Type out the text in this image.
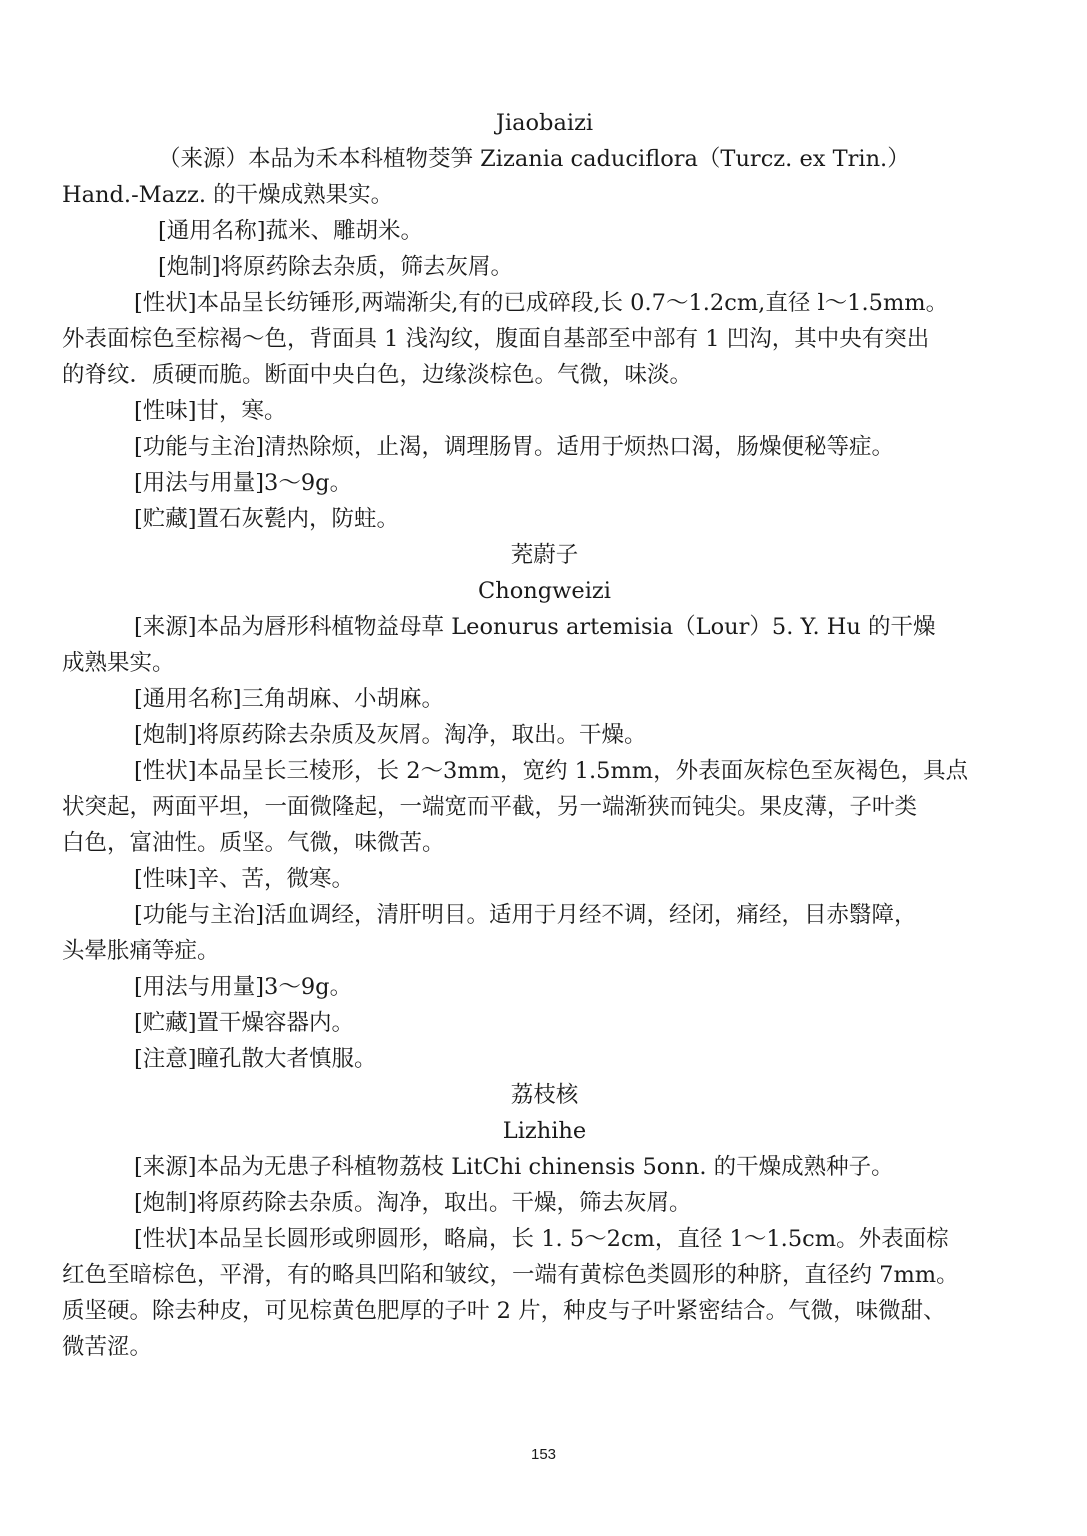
Jiaobaizi
（来源）本品为禾本科植物茭笋 Zizania caduciflora（Turcz. ex Trin.）
Hand.-Mazz. 的干燥成熟果实。
[通用名称]菰米、雕胡米。
[炮制]将原药除去杂质，筛去灰屑。
[性状]本品呈长纺锤形,两端渐尖,有的已成碎段,长 0.7～1.2cm,直径 l～1.5mm。
外表面棕色至棕褐～色，背面具 1 浅沟纹，腹面自基部至中部有 1 凹沟，其中央有突出
的脊纹．质硬而脆。断面中央白色，边缘淡棕色。气微，味淡。
[性味]甘，寒。
[功能与主治]清热除烦，止渴，调理肠胃。适用于烦热口渴，肠燥便秘等症。
[用法与用量]3～9g。
[贮藏]置石灰甏内，防蛀。
茺蔚子
Chongweizi
[来源]本品为唇形科植物益母草 Leonurus artemisia（Lour）5. Y. Hu 的干燥
成熟果实。
[通用名称]三角胡麻、小胡麻。
[炮制]将原药除去杂质及灰屑。淘净，取出。干燥。
[性状]本品呈长三棱形，长 2～3mm，宽约 1.5mm，外表面灰棕色至灰褐色，具点
状突起，两面平坦，一面微隆起，一端宽而平截，另一端渐狭而钝尖。果皮薄，子叶类
白色，富油性。质坚。气微，味微苦。
[性味]辛、苦，微寒。
[功能与主治]活血调经，清肝明目。适用于月经不调，经闭，痛经，目赤翳障，
头晕胀痛等症。
[用法与用量]3～9g。
[贮藏]置干燥容器内。
[注意]瞳孔散大者慎服。
荔枝核
Lizhihe
[来源]本品为无患子科植物荔枝 LitChi chinensis 5onn. 的干燥成熟种子。
[炮制]将原药除去杂质。淘净，取出。干燥，筛去灰屑。
[性状]本品呈长圆形或卵圆形，略扁，长 1. 5～2cm，直径 1～1.5cm。外表面棕
红色至暗棕色，平滑，有的略具凹陷和皱纹，一端有黄棕色类圆形的种脐，直径约 7mm。
质坚硬。除去种皮，可见棕黄色肥厚的子叶 2 片，种皮与子叶紧密结合。气微，味微甜、
微苦涩。
153
